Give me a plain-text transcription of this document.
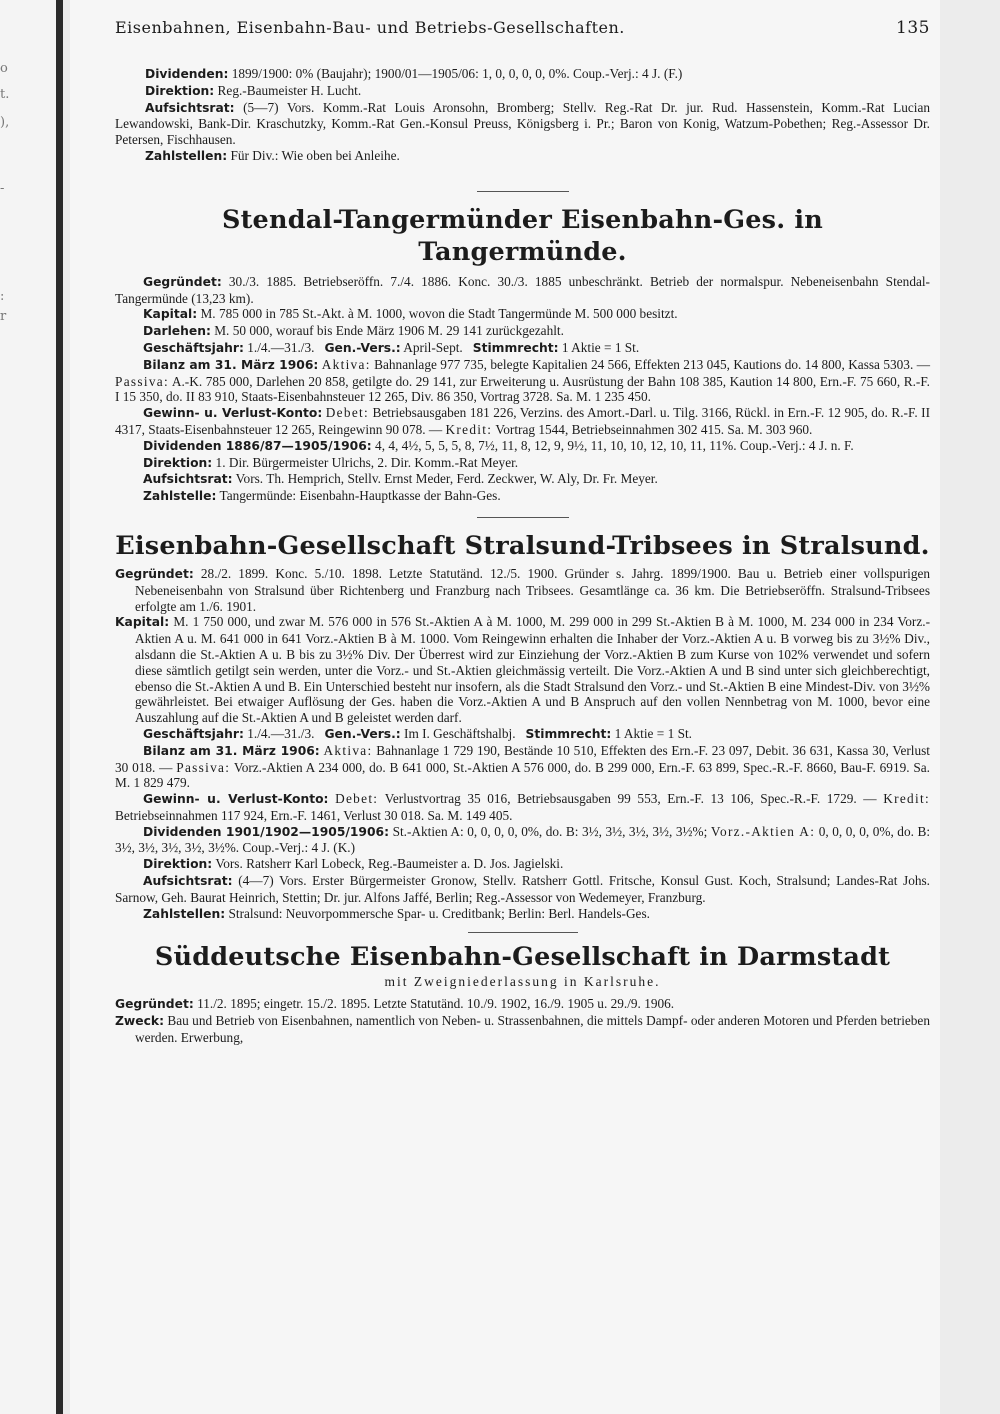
o
t.
),
-
:
r
Eisenbahnen, Eisenbahn-Bau- und Betriebs-Gesellschaften.	135

Dividenden: 1899/1900: 0% (Baujahr); 1900/01—1905/06: 1, 0, 0, 0, 0, 0%. Coup.-Verj.: 4 J. (F.)

Direktion: Reg.-Baumeister H. Lucht.

Aufsichtsrat: (5—7) Vors. Komm.-Rat Louis Aronsohn, Bromberg; Stellv. Reg.-Rat Dr. jur. Rud. Hassenstein, Komm.-Rat Lucian Lewandowski, Bank-Dir. Kraschutzky, Komm.-Rat Gen.-Konsul Preuss, Königsberg i. Pr.; Baron von Konig, Watzum-Pobethen; Reg.-Assessor Dr. Petersen, Fischhausen.

Zahlstellen: Für Div.: Wie oben bei Anleihe.

Stendal-Tangermünder Eisenbahn-Ges. in Tangermünde.

Gegründet: 30./3. 1885. Betriebseröffn. 7./4. 1886. Konc. 30./3. 1885 unbeschränkt. Betrieb der normalspur. Nebeneisenbahn Stendal-Tangermünde (13,23 km).

Kapital: M. 785 000 in 785 St.-Akt. à M. 1000, wovon die Stadt Tangermünde M. 500 000 besitzt.

Darlehen: M. 50 000, worauf bis Ende März 1906 M. 29 141 zurückgezahlt.

Geschäftsjahr: 1./4.—31./3. Gen.-Vers.: April-Sept. Stimmrecht: 1 Aktie = 1 St.

Bilanz am 31. März 1906: Aktiva: Bahnanlage 977 735, belegte Kapitalien 24 566, Effekten 213 045, Kautions do. 14 800, Kassa 5303. — Passiva: A.-K. 785 000, Darlehen 20 858, getilgte do. 29 141, zur Erweiterung u. Ausrüstung der Bahn 108 385, Kaution 14 800, Ern.-F. 75 660, R.-F. I 15 350, do. II 83 910, Staats-Eisenbahnsteuer 12 265, Div. 86 350, Vortrag 3728. Sa. M. 1 235 450.

Gewinn- u. Verlust-Konto: Debet: Betriebsausgaben 181 226, Verzins. des Amort.-Darl. u. Tilg. 3166, Rückl. in Ern.-F. 12 905, do. R.-F. II 4317, Staats-Eisenbahnsteuer 12 265, Reingewinn 90 078. — Kredit: Vortrag 1544, Betriebseinnahmen 302 415. Sa. M. 303 960.

Dividenden 1886/87—1905/1906: 4, 4, 4½, 5, 5, 5, 8, 7½, 11, 8, 12, 9, 9½, 11, 10, 10, 12, 10, 11, 11%. Coup.-Verj.: 4 J. n. F.

Direktion: 1. Dir. Bürgermeister Ulrichs, 2. Dir. Komm.-Rat Meyer.

Aufsichtsrat: Vors. Th. Hemprich, Stellv. Ernst Meder, Ferd. Zeckwer, W. Aly, Dr. Fr. Meyer.

Zahlstelle: Tangermünde: Eisenbahn-Hauptkasse der Bahn-Ges.

Eisenbahn-Gesellschaft Stralsund-Tribsees in Stralsund.

Gegründet: 28./2. 1899. Konc. 5./10. 1898. Letzte Statutänd. 12./5. 1900. Gründer s. Jahrg. 1899/1900. Bau u. Betrieb einer vollspurigen Nebeneisenbahn von Stralsund über Richtenberg und Franzburg nach Tribsees. Gesamtlänge ca. 36 km. Die Betriebseröffn. Stralsund-Tribsees erfolgte am 1./6. 1901.

Kapital: M. 1 750 000, und zwar M. 576 000 in 576 St.-Aktien A à M. 1000, M. 299 000 in 299 St.-Aktien B à M. 1000, M. 234 000 in 234 Vorz.-Aktien A u. M. 641 000 in 641 Vorz.-Aktien B à M. 1000. Vom Reingewinn erhalten die Inhaber der Vorz.-Aktien A u. B vorweg bis zu 3½% Div., alsdann die St.-Aktien A u. B bis zu 3½% Div. Der Überrest wird zur Einziehung der Vorz.-Aktien B zum Kurse von 102% verwendet und sofern diese sämtlich getilgt sein werden, unter die Vorz.- und St.-Aktien gleichmässig verteilt. Die Vorz.-Aktien A und B sind unter sich gleichberechtigt, ebenso die St.-Aktien A und B. Ein Unterschied besteht nur insofern, als die Stadt Stralsund den Vorz.- und St.-Aktien B eine Mindest-Div. von 3½% gewährleistet. Bei etwaiger Auflösung der Ges. haben die Vorz.-Aktien A und B Anspruch auf den vollen Nennbetrag von M. 1000, bevor eine Auszahlung auf die St.-Aktien A und B geleistet werden darf.

Geschäftsjahr: 1./4.—31./3. Gen.-Vers.: Im I. Geschäftshalbj. Stimmrecht: 1 Aktie = 1 St.

Bilanz am 31. März 1906: Aktiva: Bahnanlage 1 729 190, Bestände 10 510, Effekten des Ern.-F. 23 097, Debit. 36 631, Kassa 30, Verlust 30 018. — Passiva: Vorz.-Aktien A 234 000, do. B 641 000, St.-Aktien A 576 000, do. B 299 000, Ern.-F. 63 899, Spec.-R.-F. 8660, Bau-F. 6919. Sa. M. 1 829 479.

Gewinn- u. Verlust-Konto: Debet: Verlustvortrag 35 016, Betriebsausgaben 99 553, Ern.-F. 13 106, Spec.-R.-F. 1729. — Kredit: Betriebseinnahmen 117 924, Ern.-F. 1461, Verlust 30 018. Sa. M. 149 405.

Dividenden 1901/1902—1905/1906: St.-Aktien A: 0, 0, 0, 0, 0%, do. B: 3½, 3½, 3½, 3½, 3½%; Vorz.-Aktien A: 0, 0, 0, 0, 0%, do. B: 3½, 3½, 3½, 3½, 3½%. Coup.-Verj.: 4 J. (K.)

Direktion: Vors. Ratsherr Karl Lobeck, Reg.-Baumeister a. D. Jos. Jagielski.

Aufsichtsrat: (4—7) Vors. Erster Bürgermeister Gronow, Stellv. Ratsherr Gottl. Fritsche, Konsul Gust. Koch, Stralsund; Landes-Rat Johs. Sarnow, Geh. Baurat Heinrich, Stettin; Dr. jur. Alfons Jaffé, Berlin; Reg.-Assessor von Wedemeyer, Franzburg.

Zahlstellen: Stralsund: Neuvorpommersche Spar- u. Creditbank; Berlin: Berl. Handels-Ges.

Süddeutsche Eisenbahn-Gesellschaft in Darmstadt
mit Zweigniederlassung in Karlsruhe.

Gegründet: 11./2. 1895; eingetr. 15./2. 1895. Letzte Statutänd. 10./9. 1902, 16./9. 1905 u. 29./9. 1906.

Zweck: Bau und Betrieb von Eisenbahnen, namentlich von Neben- u. Strassenbahnen, die mittels Dampf- oder anderen Motoren und Pferden betrieben werden. Erwerbung,
